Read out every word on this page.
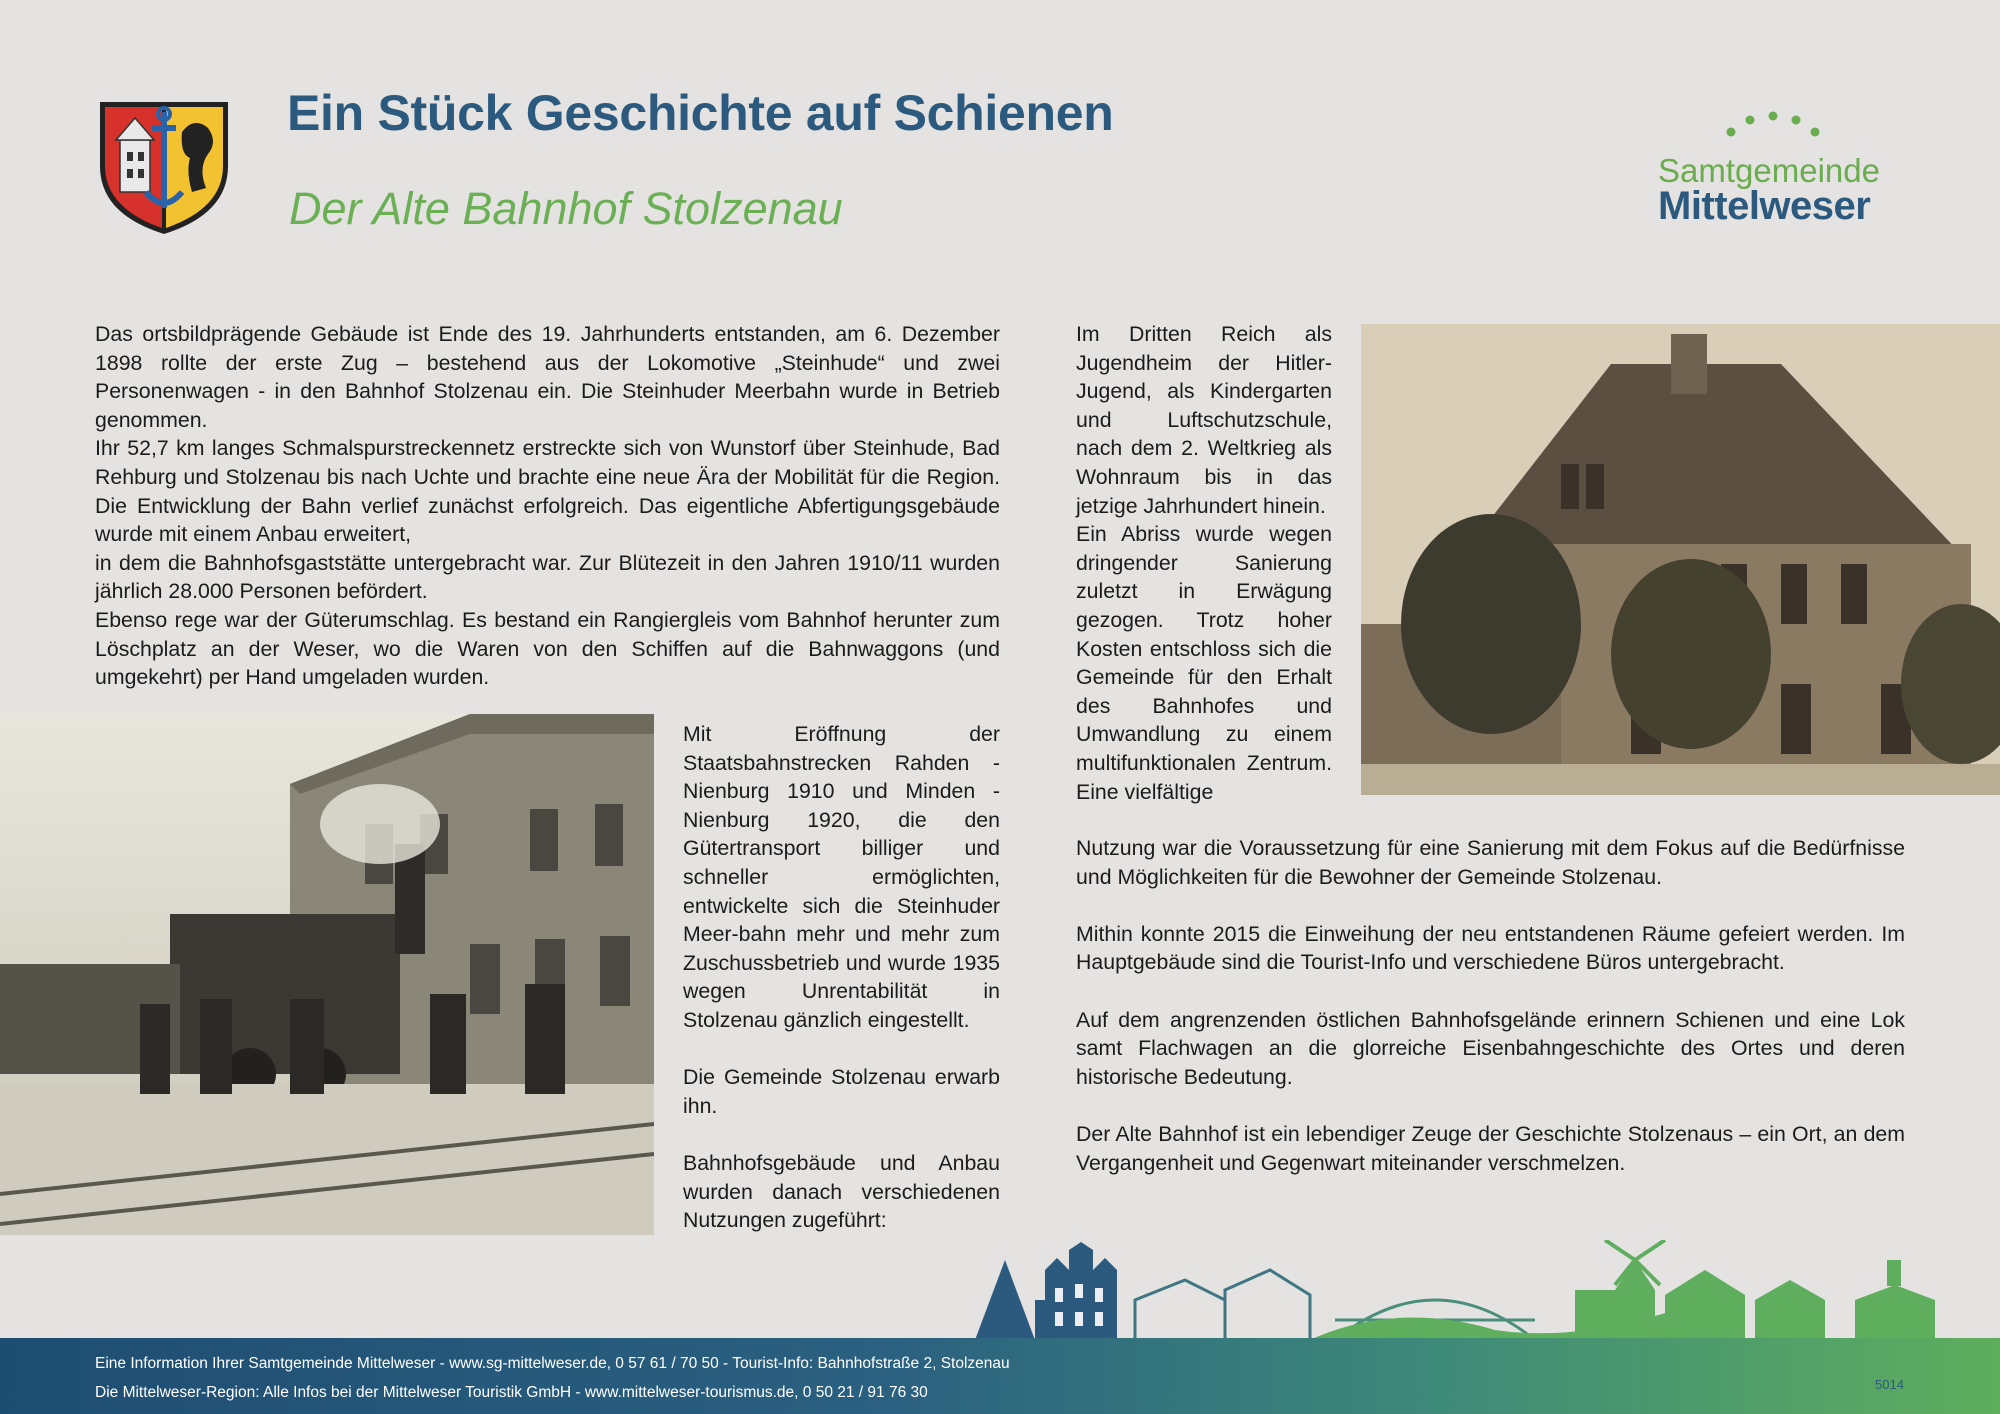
Ein Stück Geschichte auf Schienen
Der Alte Bahnhof Stolzenau
Samtgemeinde
Mittelweser

Das ortsbildprägende Gebäude ist Ende des 19. Jahrhunderts entstanden, am 6. Dezember 1898 rollte der erste Zug – bestehend aus der Lokomotive „Steinhude“ und zwei Personenwagen - in den Bahnhof Stolzenau ein. Die Steinhuder Meerbahn wurde in Betrieb genommen.

Ihr 52,7 km langes Schmalspurstreckennetz erstreckte sich von Wunstorf über Steinhude, Bad Rehburg und Stolzenau bis nach Uchte und brachte eine neue Ära der Mobilität für die Region. Die Entwicklung der Bahn verlief zunächst erfolgreich. Das eigentliche Abfertigungsgebäude wurde mit einem Anbau erweitert,

in dem die Bahnhofsgaststätte untergebracht war. Zur Blütezeit in den Jahren 1910/11 wurden jährlich 28.000 Personen befördert.

Ebenso rege war der Güterumschlag. Es bestand ein Rangiergleis vom Bahnhof herunter zum Löschplatz an der Weser, wo die Waren von den Schiffen auf die Bahnwaggons (und umgekehrt) per Hand umgeladen wurden.

Mit Eröffnung der Staatsbahnstrecken Rahden - Nienburg 1910 und Minden - Nienburg 1920, die den Gütertransport billiger und schneller ermöglichten, entwickelte sich die Steinhuder Meer-bahn mehr und mehr zum Zuschussbetrieb und wurde 1935 wegen Unrentabilität in Stolzenau gänzlich eingestellt.

Die Gemeinde Stolzenau erwarb ihn.

Bahnhofsgebäude und Anbau wurden danach verschiedenen Nutzungen zugeführt:

Im Dritten Reich als Jugendheim der Hitler-Jugend, als Kindergarten und Luftschutzschule, nach dem 2. Weltkrieg als Wohnraum bis in das jetzige Jahrhundert hinein.

Ein Abriss wurde wegen dringender Sanierung zuletzt in Erwägung gezogen. Trotz hoher Kosten entschloss sich die Gemeinde für den Erhalt des Bahnhofes und Umwandlung zu einem multifunktionalen Zentrum. Eine vielfältige

Nutzung war die Voraussetzung für eine Sanierung mit dem Fokus auf die Bedürfnisse und Möglichkeiten für die Bewohner der Gemeinde Stolzenau.

Mithin konnte 2015 die Einweihung der neu entstandenen Räume gefeiert werden. Im Hauptgebäude sind die Tourist-Info und verschiedene Büros untergebracht.

Auf dem angrenzenden östlichen Bahnhofsgelände erinnern Schienen und eine Lok samt Flachwagen an die glorreiche Eisenbahngeschichte des Ortes und deren historische Bedeutung.

Der Alte Bahnhof ist ein lebendiger Zeuge der Geschichte Stolzenaus – ein Ort, an dem Vergangenheit und Gegenwart miteinander verschmelzen.

Eine Information Ihrer Samtgemeinde Mittelweser - www.sg-mittelweser.de, 0 57 61 / 70 50 - Tourist-Info: Bahnhofstraße 2, Stolzenau
Die Mittelweser-Region: Alle Infos bei der Mittelweser Touristik GmbH - www.mittelweser-tourismus.de, 0 50 21 / 91 76 30	5014
